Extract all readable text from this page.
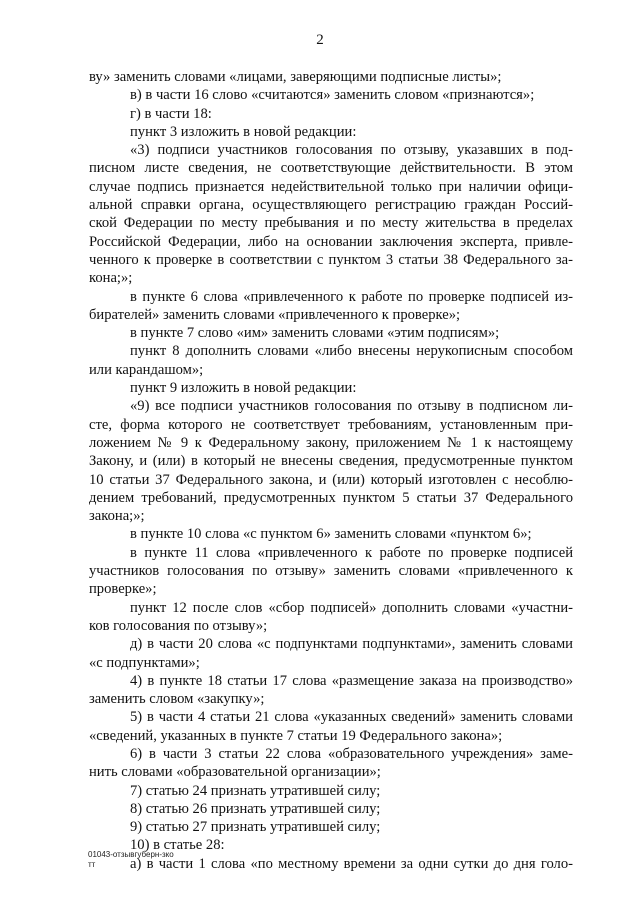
2
ву» заменить словами «лицами, заверяющими подписные листы»;
в) в части 16 слово «считаются» заменить словом «признаются»;
г) в части 18:
пункт 3 изложить в новой редакции:
«3) подписи участников голосования по отзыву, указавших в под-
писном листе сведения, не соответствующие действительности. В этом
случае подпись признается недействительной только при наличии офици-
альной справки органа, осуществляющего регистрацию граждан Россий-
ской Федерации по месту пребывания и по месту жительства в пределах
Российской Федерации, либо на основании заключения эксперта, привле-
ченного к проверке в соответствии с пунктом 3 статьи 38 Федерального за-
кона;»;
в пункте 6 слова «привлеченного к работе по проверке подписей из-
бирателей» заменить словами «привлеченного к проверке»;
в пункте 7 слово «им» заменить словами «этим подписям»;
пункт 8 дополнить словами «либо внесены нерукописным способом
или карандашом»;
пункт 9 изложить в новой редакции:
«9) все подписи участников голосования по отзыву в подписном ли-
сте, форма которого не соответствует требованиям, установленным при-
ложением № 9 к Федеральному закону, приложением № 1 к настоящему
Закону, и (или) в который не внесены сведения, предусмотренные пунктом
10 статьи 37 Федерального закона, и (или) который изготовлен с несоблю-
дением требований, предусмотренных пунктом 5 статьи 37 Федерального
закона;»;
в пункте 10 слова «с пунктом 6» заменить словами «пунктом 6»;
в пункте 11 слова «привлеченного к работе по проверке подписей
участников голосования по отзыву» заменить словами «привлеченного к
проверке»;
пункт 12 после слов «сбор подписей» дополнить словами «участни-
ков голосования по отзыву»;
д) в части 20 слова «с подпунктами подпунктами», заменить словами
«с подпунктами»;
4) в пункте 18 статьи 17 слова «размещение заказа на производство»
заменить словом «закупку»;
5) в части 4 статьи 21 слова «указанных сведений» заменить словами
«сведений, указанных в пункте 7 статьи 19 Федерального закона»;
6) в части 3 статьи 22 слова «образовательного учреждения» заме-
нить словами «образовательной организации»;
7) статью 24 признать утратившей силу;
8) статью 26 признать утратившей силу;
9) статью 27 признать утратившей силу;
10) в статье 28:
а) в части 1 слова «по местному времени за одни сутки до дня голо-
01043-отзывгуберн-зко
тт
